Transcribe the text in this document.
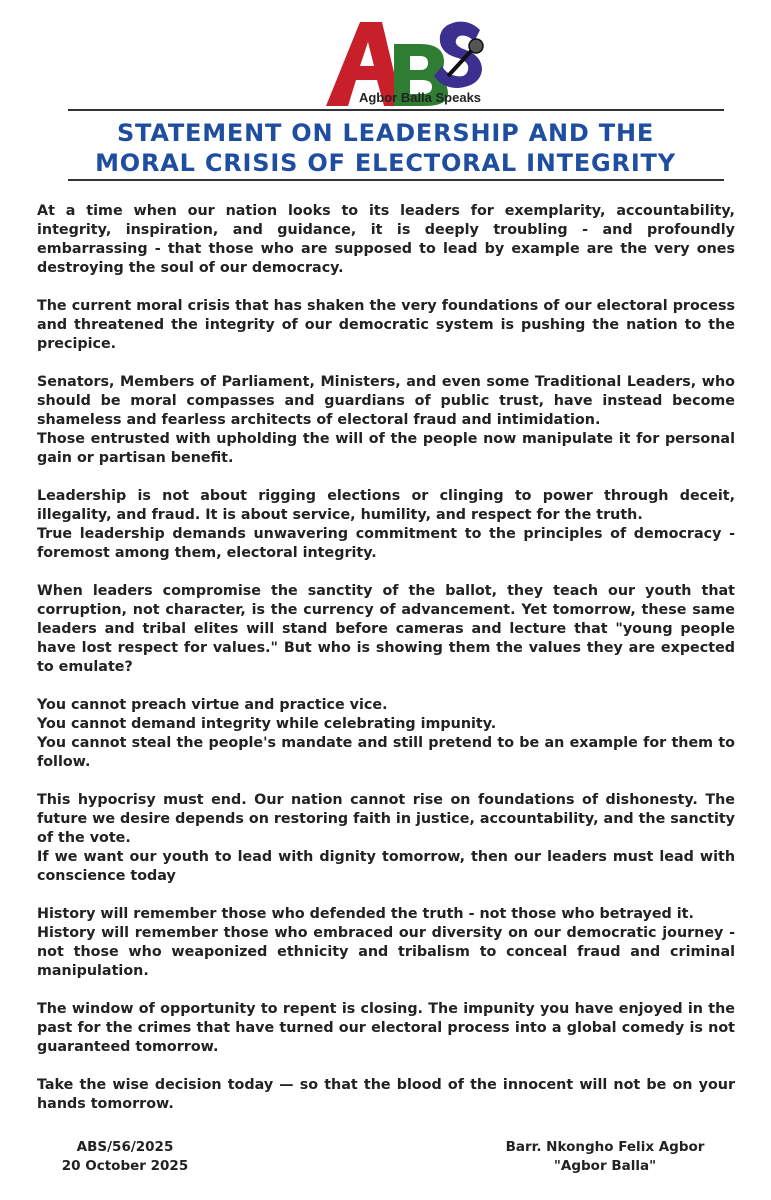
Agbor Balla Speaks
STATEMENT ON LEADERSHIP AND THE
MORAL CRISIS OF ELECTORAL INTEGRITY

At a time when our nation looks to its leaders for exemplarity, accountability, integrity, inspiration, and guidance, it is deeply troubling - and profoundly embarrassing - that those who are supposed to lead by example are the very ones destroying the soul of our democracy.

The current moral crisis that has shaken the very foundations of our electoral process and threatened the integrity of our democratic system is pushing the nation to the precipice.

Senators, Members of Parliament, Ministers, and even some Traditional Leaders, who should be moral compasses and guardians of public trust, have instead become shameless and fearless architects of electoral fraud and intimidation.
Those entrusted with upholding the will of the people now manipulate it for personal gain or partisan benefit.

Leadership is not about rigging elections or clinging to power through deceit, illegality, and fraud. It is about service, humility, and respect for the truth.
True leadership demands unwavering commitment to the principles of democracy - foremost among them, electoral integrity.

When leaders compromise the sanctity of the ballot, they teach our youth that corruption, not character, is the currency of advancement. Yet tomorrow, these same leaders and tribal elites will stand before cameras and lecture that "young people have lost respect for values." But who is showing them the values they are expected to emulate?

You cannot preach virtue and practice vice.
You cannot demand integrity while celebrating impunity.
You cannot steal the people's mandate and still pretend to be an example for them to follow.

This hypocrisy must end. Our nation cannot rise on foundations of dishonesty. The future we desire depends on restoring faith in justice, accountability, and the sanctity of the vote.
If we want our youth to lead with dignity tomorrow, then our leaders must lead with conscience today

History will remember those who defended the truth - not those who betrayed it.
History will remember those who embraced our diversity on our democratic journey - not those who weaponized ethnicity and tribalism to conceal fraud and criminal manipulation.

The window of opportunity to repent is closing. The impunity you have enjoyed in the past for the crimes that have turned our electoral process into a global comedy is not guaranteed tomorrow.

Take the wise decision today — so that the blood of the innocent will not be on your hands tomorrow.

ABS/56/2025
20 October 2025
Barr. Nkongho Felix Agbor
"Agbor Balla"
